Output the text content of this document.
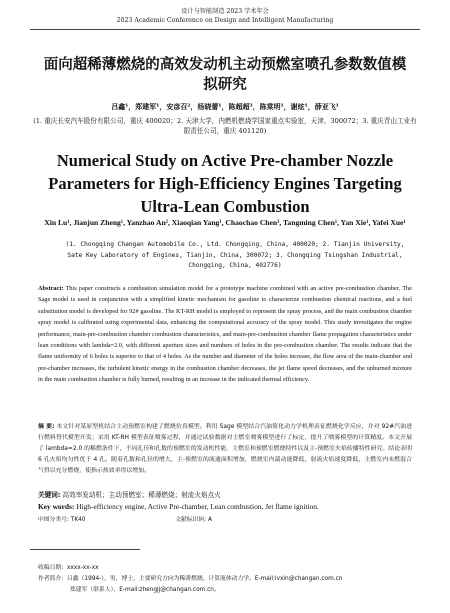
设计与智能制造 2023 学术年会
2023 Academic Conference on Design and Intelligent Manufacturing
面向超稀薄燃烧的高效发动机主动预燃室喷孔参数数值模拟研究
吕鑫¹，郑建军¹，安彦召²，杨晓蕾¹，陈超超³，陈棠明¹，谢炫¹，薛亚飞¹
(1. 重庆长安汽车股份有限公司，重庆 400020；2. 天津大学，内燃机燃烧学国家重点实验室，天津，300072；3. 重庆青山工业有限责任公司，重庆 401120)
Numerical Study on Active Pre-chamber Nozzle Parameters for High-Efficiency Engines Targeting Ultra-Lean Combustion
Xin Lu¹, Jianjun Zheng¹, Yanzhao An², Xiaoqian Yang¹, Chaochao Chen³, Tangming Chen¹, Yan Xie¹, Yafei Xue¹
(1. Chongqing Changan Automobile Co., Ltd. Chongqing, China, 400020; 2. Tianjin University, Sate Key Laboratory of Engines, Tianjin, China, 300072; 3. Chongqing Tsingshan Industrial, Chongqing, China, 402776)
Abstract: This paper constructs a combustion simulation model for a prototype machine combined with an active pre-combustion chamber. The Sage model is used in conjunction with a simplified kinetic mechanism for gasoline to characterize combustion chemical reactions, and a fuel substitution model is developed for 92# gasoline. The KT-RH model is employed to represent the spray process, and the main combustion chamber spray model is calibrated using experimental data, enhancing the computational accuracy of the spray model. This study investigates the engine performance, main-pre-combustion chamber combustion characteristics, and main-pre-combustion chamber flame propagation characteristics under lean conditions with lambda=2.0, with different aperture sizes and numbers of holes in the pre-combustion chamber. The results indicate that the flame uniformity of 6 holes is superior to that of 4 holes. As the number and diameter of the holes increase, the flow area of the main-chamber and pre-chamber increases, the turbulent kinetic energy in the combustion chamber decreases, the jet flame speed decreases, and the unburned mixture in the main combustion chamber is fully burned, resulting in an increase in the indicated thermal efficiency.
摘 要: 本文针对某原型机结合主动预燃室构建了燃烧仿真模型。利用 Sage 模型结合汽油简化动力学机理表征燃烧化学反应，并对 92#汽油进行燃料替代模型开发；采用 KT-RH 模型表征喷雾过程，并通过试验数据对主燃室喷雾模型进行了标定，提升了喷雾模型的计算精度。本文开展了 lambda=2.0 的稀燃条件下，不同孔径和孔数的预燃室的发动机性能、主燃室和预燃室燃烧特性以及主-预燃室火焰传播特性研究。结论表明 6 孔火焰均匀性优于 4 孔。随着孔数和孔径的增大，主-预燃室的流通面积增加，燃烧室内湍动能降低，射流火焰速度降低，主燃室内未燃混合气得以充分燃烧，使指示热效率得以增加。
关键词: 高效率发动机；主动预燃室；稀薄燃烧；射流火焰点火
Key words: High-efficiency engine, Active Pre-chamber, Lean combustion, Jet flame ignition.
中图分类号: TK40	文献标识码: A
收稿日期：xxxx-xx-xx
作者简介：吕鑫（1994-），男，博士，主要研究方向为稀薄燃烧、计算流体动力学。E-mail:lvxin@changan.com.cn
郑建军（联系人），E-mail:zhengjj@changan.com.cn。
